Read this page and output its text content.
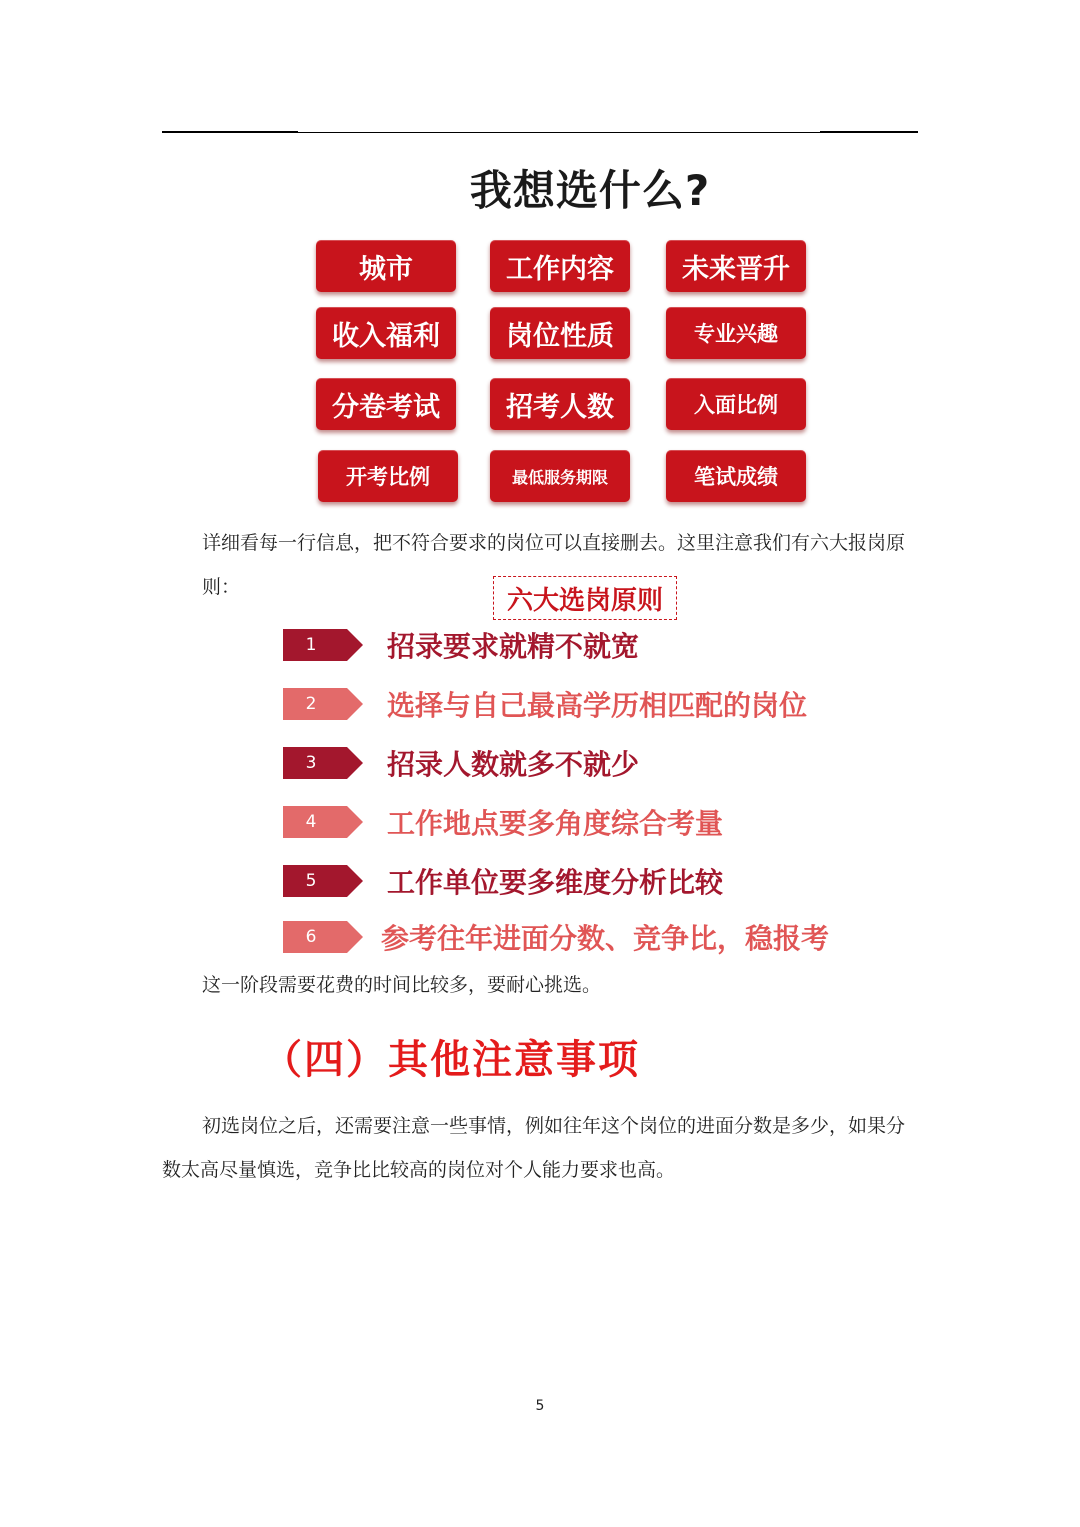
我想选什么?
城市	工作内容	未来晋升
收入福利	岗位性质	专业兴趣
分卷考试	招考人数	入面比例
开考比例	最低服务期限	笔试成绩
详细看每一行信息，把不符合要求的岗位可以直接删去。这里注意我们有六大报岗原则：	六大选岗原则
1	招录要求就精不就宽
2	选择与自己最高学历相匹配的岗位
3	招录人数就多不就少
4	工作地点要多角度综合考量
5	工作单位要多维度分析比较
6 参考往年进面分数、竞争比，稳报考
这一阶段需要花费的时间比较多，要耐心挑选。
（四）其他注意事项
初选岗位之后，还需要注意一些事情，例如往年这个岗位的进面分数是多少，如果分数太高尽量慎选，竞争比比较高的岗位对个人能力要求也高。
5
